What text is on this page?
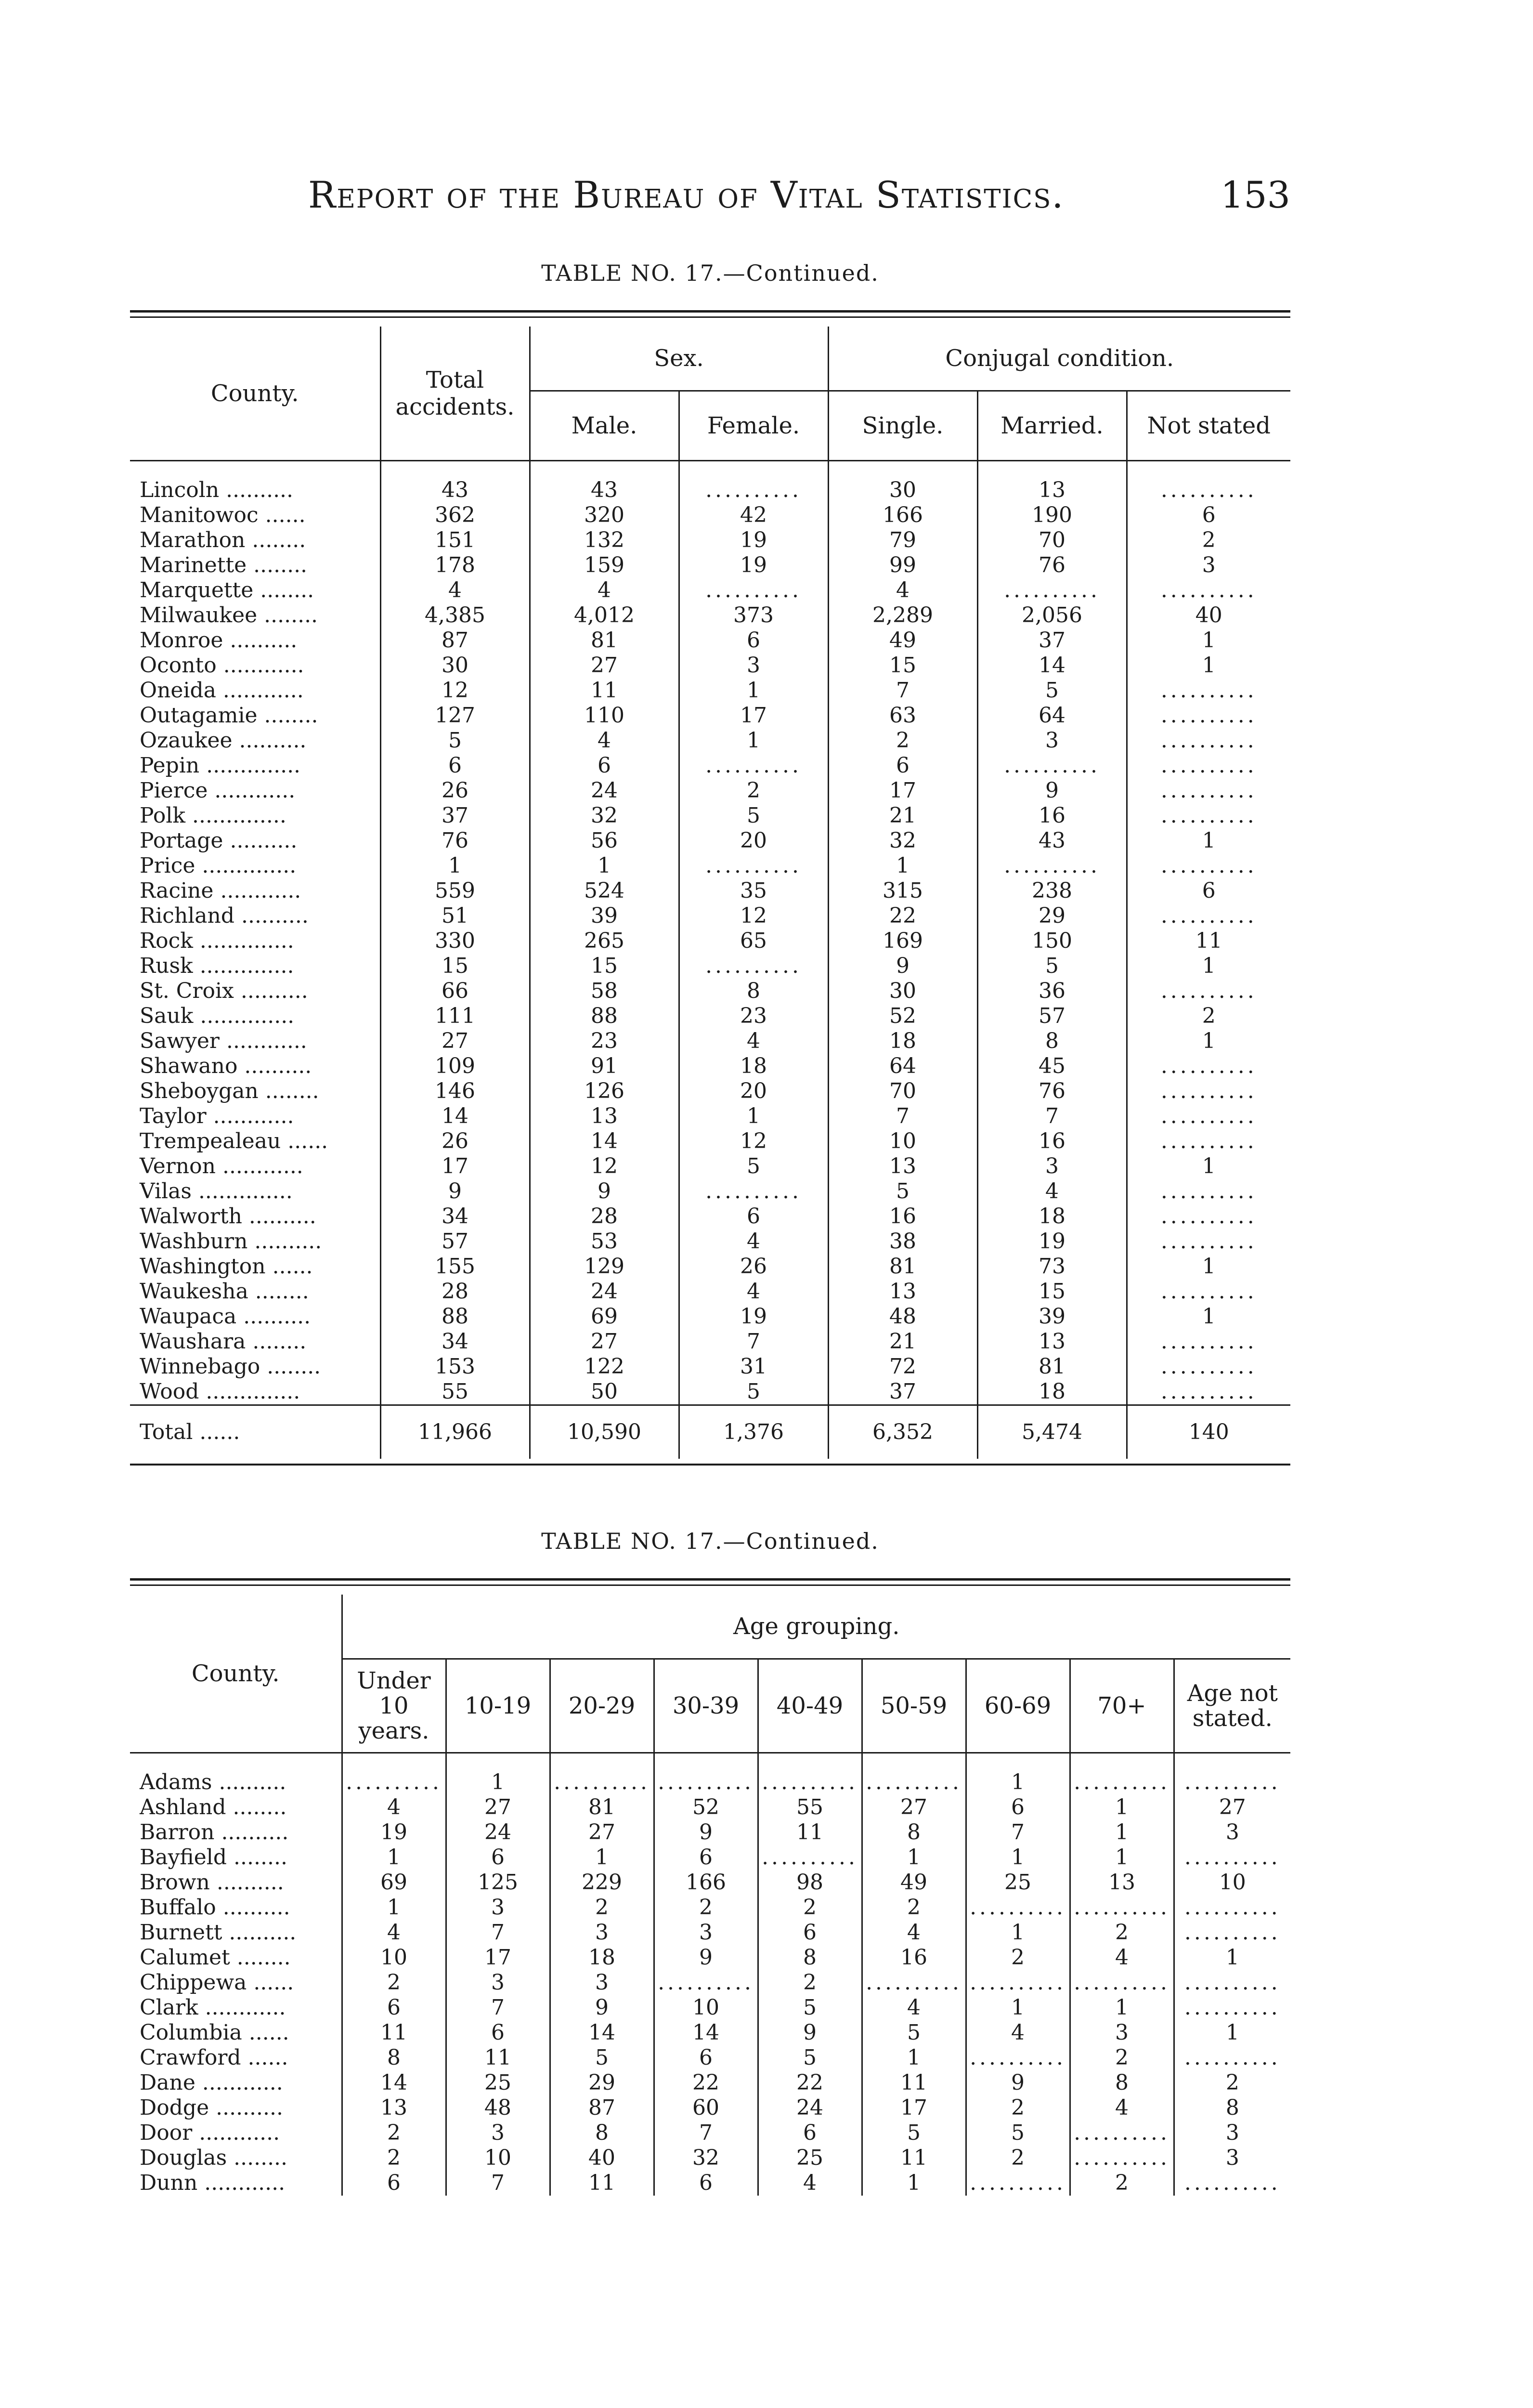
Report of the Bureau of Vital Statistics.	153
TABLE NO. 17.—Continued.
County.	Total accidents.	Sex.		Conjugal condition.		
		Male.	Female.	Single.	Married.	Not stated

Lincoln ..........	43	43	..........	30	13	..........
Manitowoc ......	362	320	42	166	190	6
Marathon ........	151	132	19	79	70	2
Marinette ........	178	159	19	99	76	3
Marquette ........	4	4	..........	4	..........	..........
Milwaukee ........	4,385	4,012	373	2,289	2,056	40
Monroe ..........	87	81	6	49	37	1
Oconto ............	30	27	3	15	14	1
Oneida ............	12	11	1	7	5	..........
Outagamie ........	127	110	17	63	64	..........
Ozaukee ..........	5	4	1	2	3	..........
Pepin ..............	6	6	..........	6	..........	..........
Pierce ............	26	24	2	17	9	..........
Polk ..............	37	32	5	21	16	..........
Portage ..........	76	56	20	32	43	1
Price ..............	1	1	..........	1	..........	..........
Racine ............	559	524	35	315	238	6
Richland ..........	51	39	12	22	29	..........
Rock ..............	330	265	65	169	150	11
Rusk ..............	15	15	..........	9	5	1
St. Croix ..........	66	58	8	30	36	..........
Sauk ..............	111	88	23	52	57	2
Sawyer ............	27	23	4	18	8	1
Shawano ..........	109	91	18	64	45	..........
Sheboygan ........	146	126	20	70	76	..........
Taylor ............	14	13	1	7	7	..........
Trempealeau ......	26	14	12	10	16	..........
Vernon ............	17	12	5	13	3	1
Vilas ..............	9	9	..........	5	4	..........
Walworth ..........	34	28	6	16	18	..........
Washburn ..........	57	53	4	38	19	..........
Washington ......	155	129	26	81	73	1
Waukesha ........	28	24	4	13	15	..........
Waupaca ..........	88	69	19	48	39	1
Waushara ........	34	27	7	21	13	..........
Winnebago ........	153	122	31	72	81	..........
Wood ..............	55	50	5	37	18	..........
Total ......	11,966	10,590	1,376	6,352	5,474	140
TABLE NO. 17.—Continued.
County.	Age grouping.								
	Under 10 years.	10-19	20-29	30-39	40-49	50-59	60-69	70+	Age not stated.

Adams ..........	..........	1	..........	..........	..........	..........	1	..........	..........
Ashland ........	4	27	81	52	55	27	6	1	27
Barron ..........	19	24	27	9	11	8	7	1	3
Bayfield ........	1	6	1	6	..........	1	1	1	..........
Brown ..........	69	125	229	166	98	49	25	13	10
Buffalo ..........	1	3	2	2	2	2	..........	..........	..........
Burnett ..........	4	7	3	3	6	4	1	2	..........
Calumet ........	10	17	18	9	8	16	2	4	1
Chippewa ......	2	3	3	..........	2	..........	..........	..........	..........
Clark ............	6	7	9	10	5	4	1	1	..........
Columbia ......	11	6	14	14	9	5	4	3	1
Crawford ......	8	11	5	6	5	1	..........	2	..........
Dane ............	14	25	29	22	22	11	9	8	2
Dodge ..........	13	48	87	60	24	17	2	4	8
Door ............	2	3	8	7	6	5	5	..........	3
Douglas ........	2	10	40	32	25	11	2	..........	3
Dunn ............	6	7	11	6	4	1	..........	2	..........
